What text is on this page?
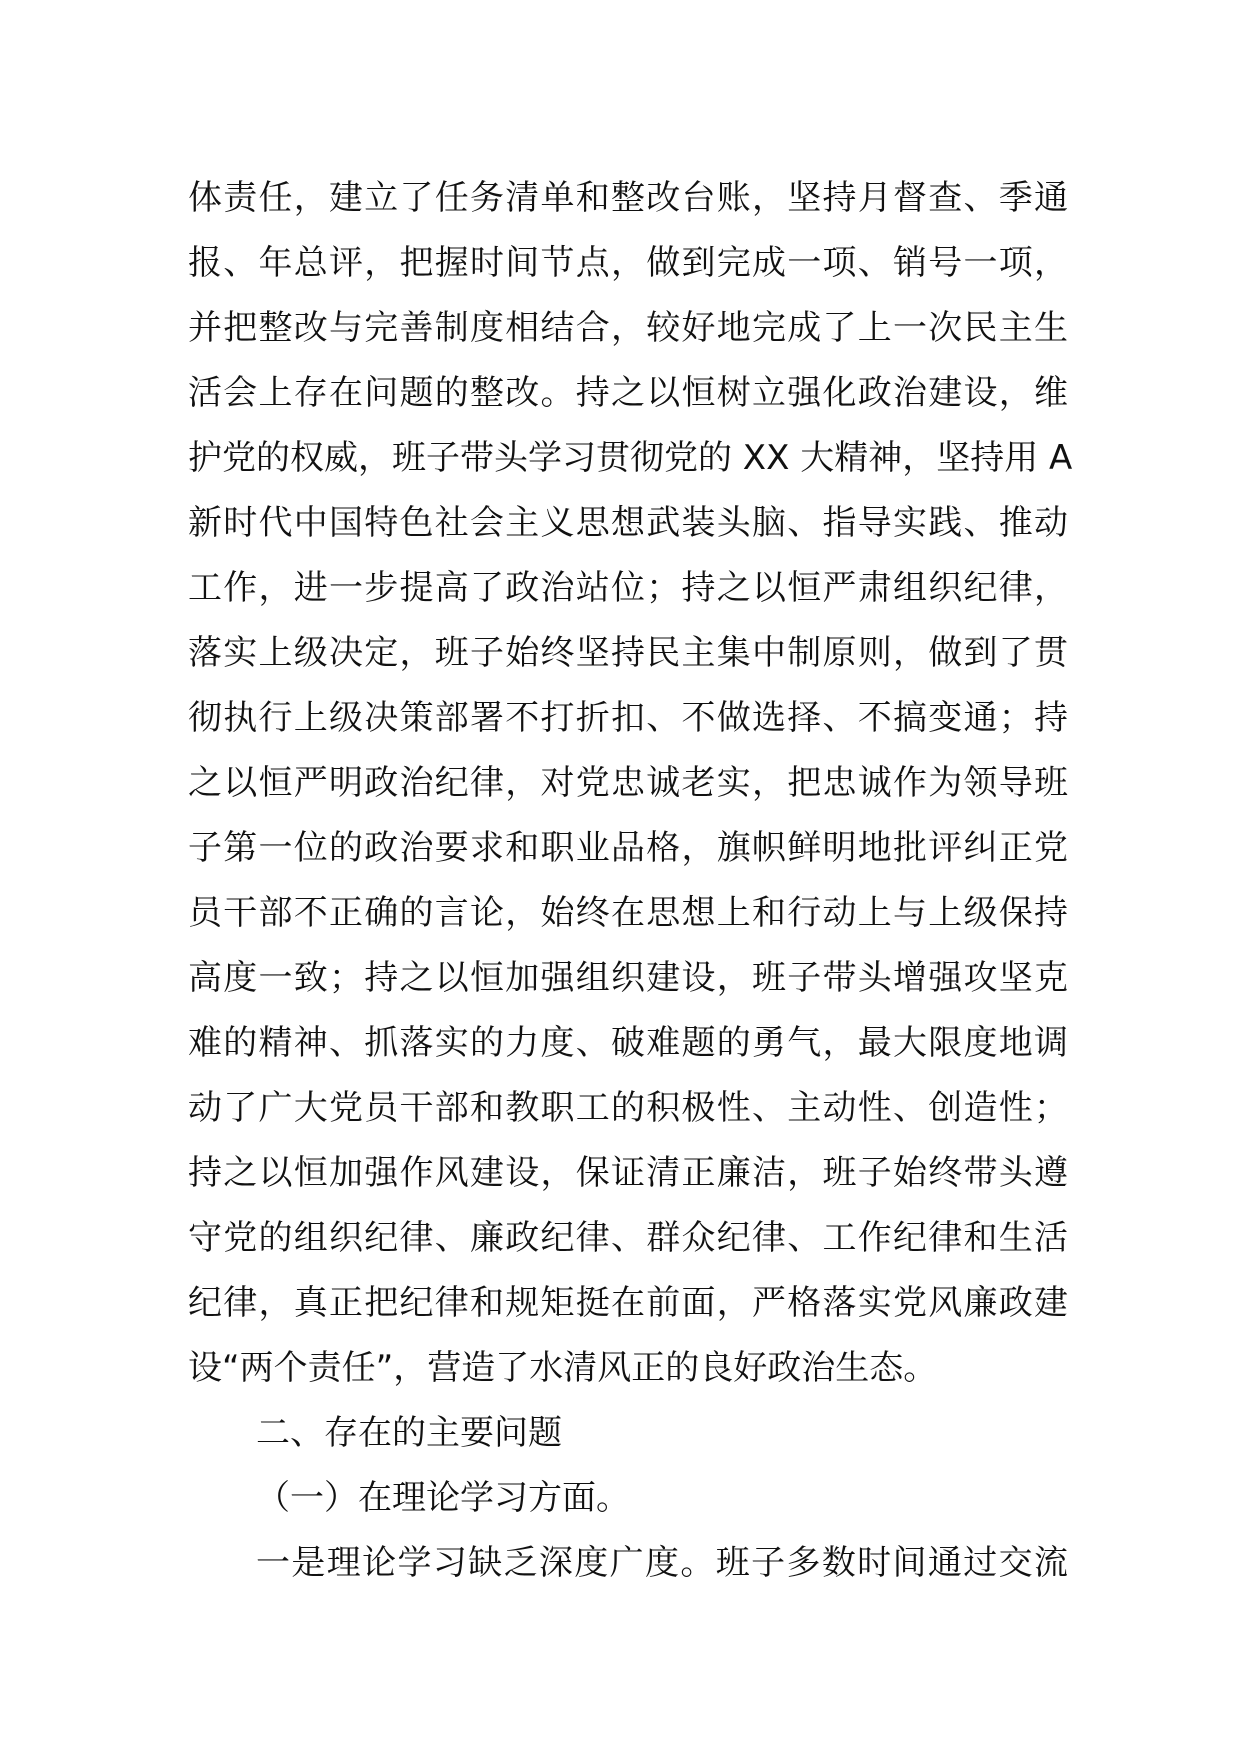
体责任，建立了任务清单和整改台账，坚持月督查、季通
报、年总评，把握时间节点，做到完成一项、销号一项，
并把整改与完善制度相结合，较好地完成了上一次民主生
活会上存在问题的整改。持之以恒树立强化政治建设，维
护党的权威，班子带头学习贯彻党的 XX 大精神，坚持用 A
新时代中国特色社会主义思想武装头脑、指导实践、推动
工作，进一步提高了政治站位；持之以恒严肃组织纪律，
落实上级决定，班子始终坚持民主集中制原则，做到了贯
彻执行上级决策部署不打折扣、不做选择、不搞变通；持
之以恒严明政治纪律，对党忠诚老实，把忠诚作为领导班
子第一位的政治要求和职业品格，旗帜鲜明地批评纠正党
员干部不正确的言论，始终在思想上和行动上与上级保持
高度一致；持之以恒加强组织建设，班子带头增强攻坚克
难的精神、抓落实的力度、破难题的勇气，最大限度地调
动了广大党员干部和教职工的积极性、主动性、创造性；
持之以恒加强作风建设，保证清正廉洁，班子始终带头遵
守党的组织纪律、廉政纪律、群众纪律、工作纪律和生活
纪律，真正把纪律和规矩挺在前面，严格落实党风廉政建
设“两个责任”，营造了水清风正的良好政治生态。
二、存在的主要问题
（一）在理论学习方面。
一是理论学习缺乏深度广度。班子多数时间通过交流
